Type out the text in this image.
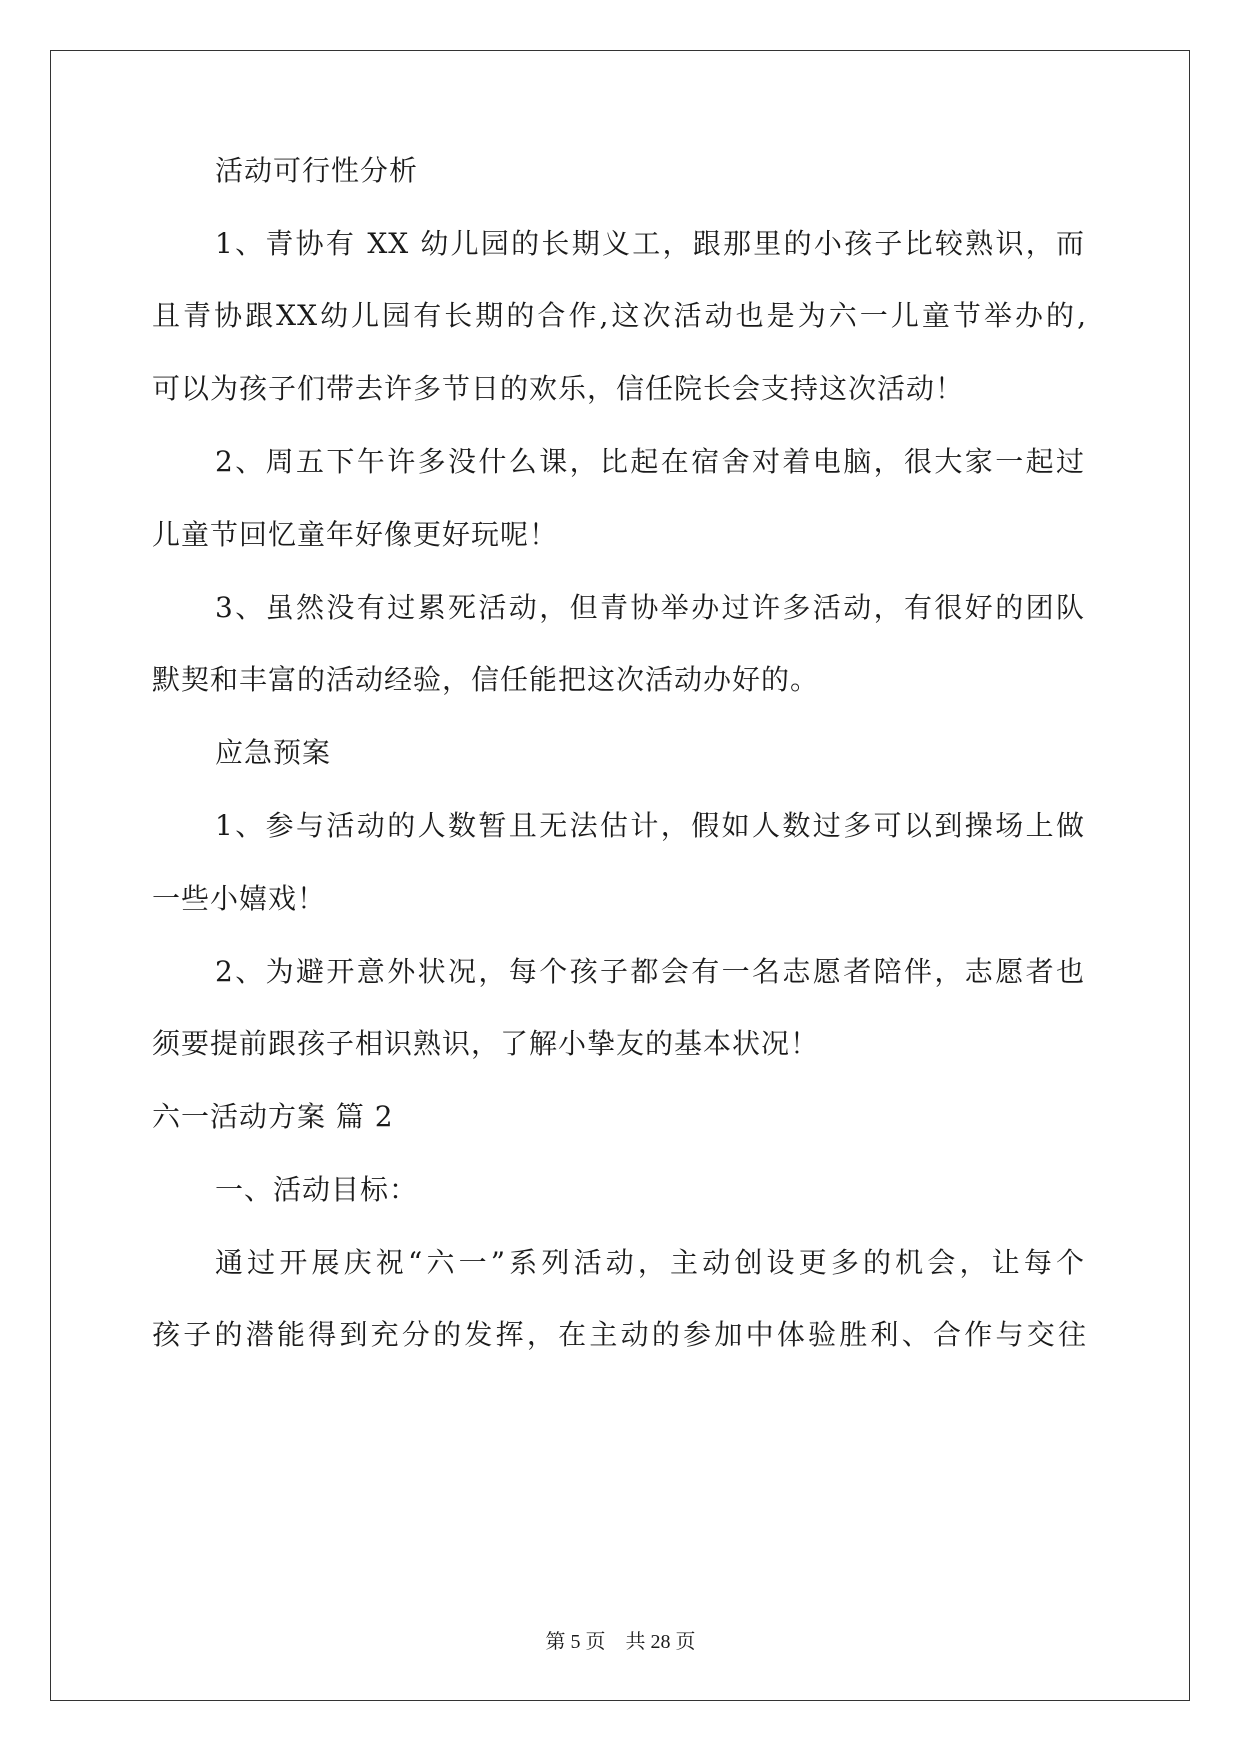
活动可行性分析

1、青协有 XX 幼儿园的长期义工，跟那里的小孩子比较熟识，而

且青协跟XX幼儿园有长期的合作,这次活动也是为六一儿童节举办的,

可以为孩子们带去许多节日的欢乐，信任院长会支持这次活动！

2、周五下午许多没什么课，比起在宿舍对着电脑，很大家一起过

儿童节回忆童年好像更好玩呢！

3、虽然没有过累死活动，但青协举办过许多活动，有很好的团队

默契和丰富的活动经验，信任能把这次活动办好的。

应急预案

1、参与活动的人数暂且无法估计，假如人数过多可以到操场上做

一些小嬉戏！

2、为避开意外状况，每个孩子都会有一名志愿者陪伴，志愿者也

须要提前跟孩子相识熟识，了解小挚友的基本状况！

六一活动方案 篇 2

一、活动目标：

通过开展庆祝“六一”系列活动，主动创设更多的机会，让每个

孩子的潜能得到充分的发挥，在主动的参加中体验胜利、合作与交往

第 5 页　共 28 页
